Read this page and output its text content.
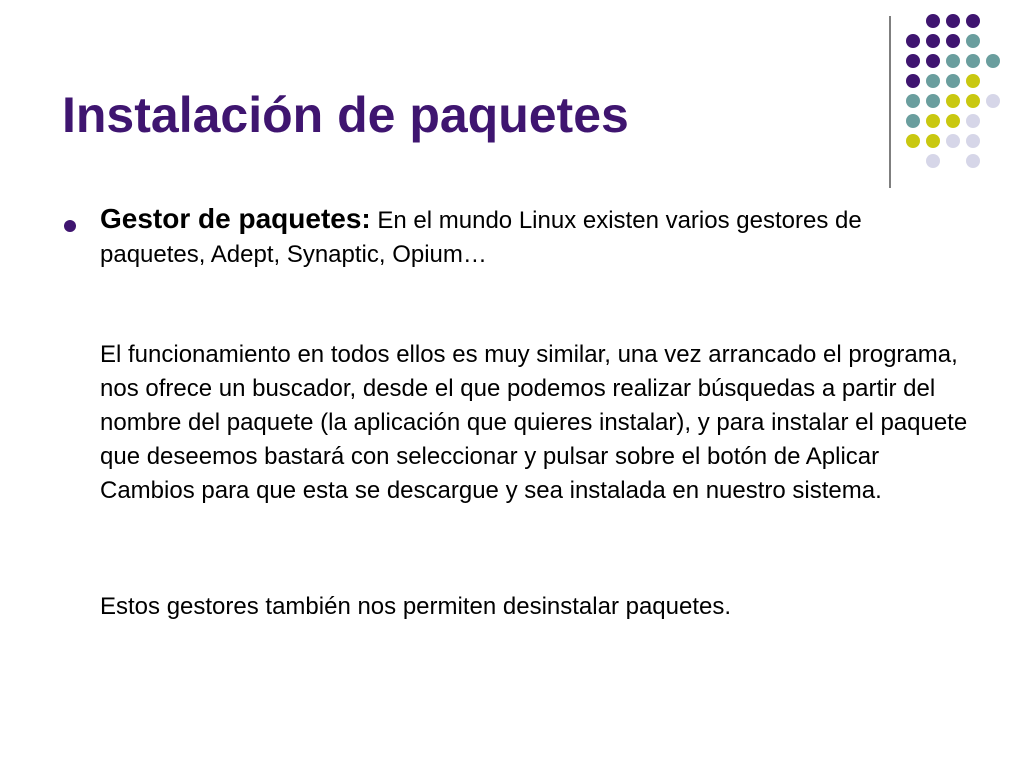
Instalación de paquetes

Gestor de paquetes: En el mundo Linux existen varios gestores de paquetes, Adept, Synaptic, Opium…

El funcionamiento en todos ellos es muy similar, una vez arrancado el programa, nos ofrece un buscador, desde el que podemos realizar búsquedas a partir del nombre del paquete (la aplicación que quieres instalar), y para instalar el paquete que deseemos bastará con seleccionar y pulsar sobre el botón de Aplicar Cambios para que esta se descargue y sea instalada en nuestro sistema.

Estos gestores también nos permiten desinstalar paquetes.
